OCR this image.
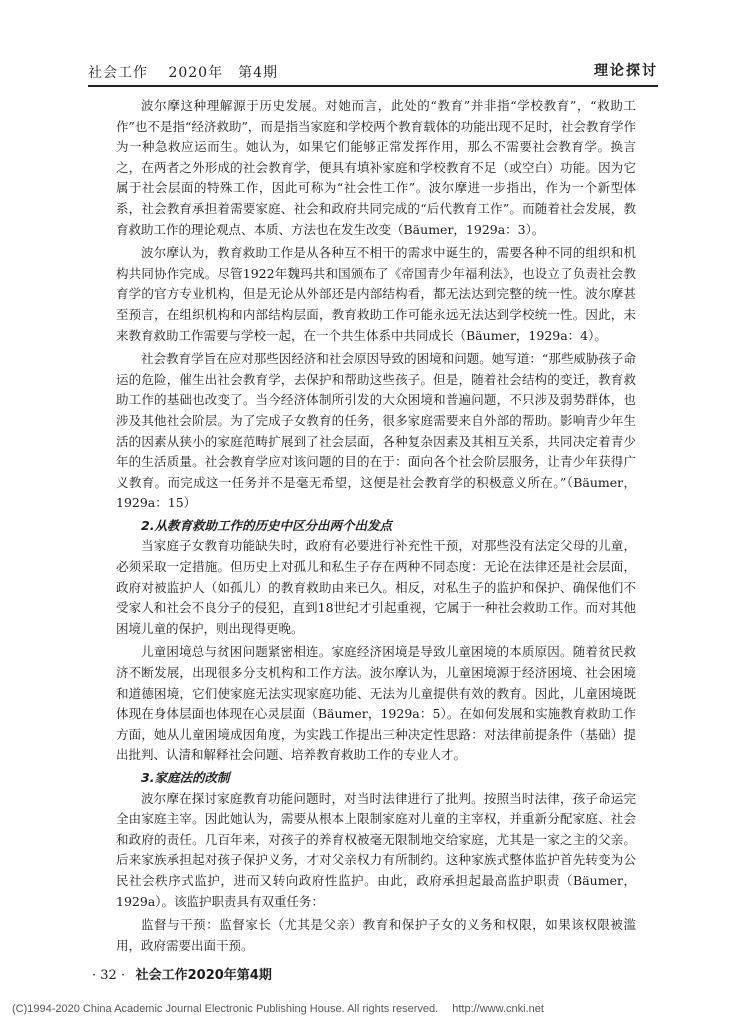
社会工作　 2020年　第4期	理论探讨

波尔摩这种理解源于历史发展。对她而言，此处的“教育”并非指“学校教育”，“救助工作”也不是指“经济救助”，而是指当家庭和学校两个教育载体的功能出现不足时，社会教育学作为一种急救应运而生。她认为，如果它们能够正常发挥作用，那么不需要社会教育学。换言之，在两者之外形成的社会教育学，便具有填补家庭和学校教育不足（或空白）功能。因为它属于社会层面的特殊工作，因此可称为“社会性工作”。波尔摩进一步指出，作为一个新型体系，社会教育承担着需要家庭、社会和政府共同完成的“后代教育工作”。而随着社会发展，教育救助工作的理论观点、本质、方法也在发生改变（Bäumer，1929a：3）。

波尔摩认为，教育救助工作是从各种互不相干的需求中诞生的，需要各种不同的组织和机构共同协作完成。尽管1922年魏玛共和国颁布了《帝国青少年福利法》，也设立了负责社会教育学的官方专业机构，但是无论从外部还是内部结构看，都无法达到完整的统一性。波尔摩甚至预言，在组织机构和内部结构层面，教育救助工作可能永远无法达到学校统一性。因此，未来教育救助工作需要与学校一起，在一个共生体系中共同成长（Bäumer，1929a：4）。

社会教育学旨在应对那些因经济和社会原因导致的困境和问题。她写道：“那些威胁孩子命运的危险，催生出社会教育学，去保护和帮助这些孩子。但是，随着社会结构的变迁，教育救助工作的基础也改变了。当今经济体制所引发的大众困境和普遍问题，不只涉及弱势群体，也涉及其他社会阶层。为了完成子女教育的任务，很多家庭需要来自外部的帮助。影响青少年生活的因素从狭小的家庭范畴扩展到了社会层面，各种复杂因素及其相互关系，共同决定着青少年的生活质量。社会教育学应对该问题的目的在于：面向各个社会阶层服务，让青少年获得广义教育。而完成这一任务并不是毫无希望，这便是社会教育学的积极意义所在。”（Bäumer，1929a：15）

2.从教育救助工作的历史中区分出两个出发点

当家庭子女教育功能缺失时，政府有必要进行补充性干预，对那些没有法定父母的儿童，必须采取一定措施。但历史上对孤儿和私生子存在两种不同态度：无论在法律还是社会层面，政府对被监护人（如孤儿）的教育救助由来已久。相反，对私生子的监护和保护、确保他们不受家人和社会不良分子的侵犯，直到18世纪才引起重视，它属于一种社会救助工作。而对其他困境儿童的保护，则出现得更晚。

儿童困境总与贫困问题紧密相连。家庭经济困境是导致儿童困境的本质原因。随着贫民救济不断发展，出现很多分支机构和工作方法。波尔摩认为，儿童困境源于经济困境、社会困境和道德困境，它们使家庭无法实现家庭功能、无法为儿童提供有效的教育。因此，儿童困境既体现在身体层面也体现在心灵层面（Bäumer，1929a：5）。在如何发展和实施教育救助工作方面，她从儿童困境成因角度，为实践工作提出三种决定性思路：对法律前提条件（基础）提出批判、认清和解释社会问题、培养教育救助工作的专业人才。

3.家庭法的改制

波尔摩在探讨家庭教育功能问题时，对当时法律进行了批判。按照当时法律，孩子命运完全由家庭主宰。因此她认为，需要从根本上限制家庭对儿童的主宰权，并重新分配家庭、社会和政府的责任。几百年来，对孩子的养育权被毫无限制地交给家庭，尤其是一家之主的父亲。后来家族承担起对孩子保护义务，才对父亲权力有所制约。这种家族式整体监护首先转变为公民社会秩序式监护，进而又转向政府性监护。由此，政府承担起最高监护职责（Bäumer，1929a）。该监护职责具有双重任务：

监督与干预：监督家长（尤其是父亲）教育和保护子女的义务和权限，如果该权限被滥用，政府需要出面干预。

· 32 · 社会工作2020年第4期
(C)1994-2020 China Academic Journal Electronic Publishing House. All rights reserved.　 http://www.cnki.net
